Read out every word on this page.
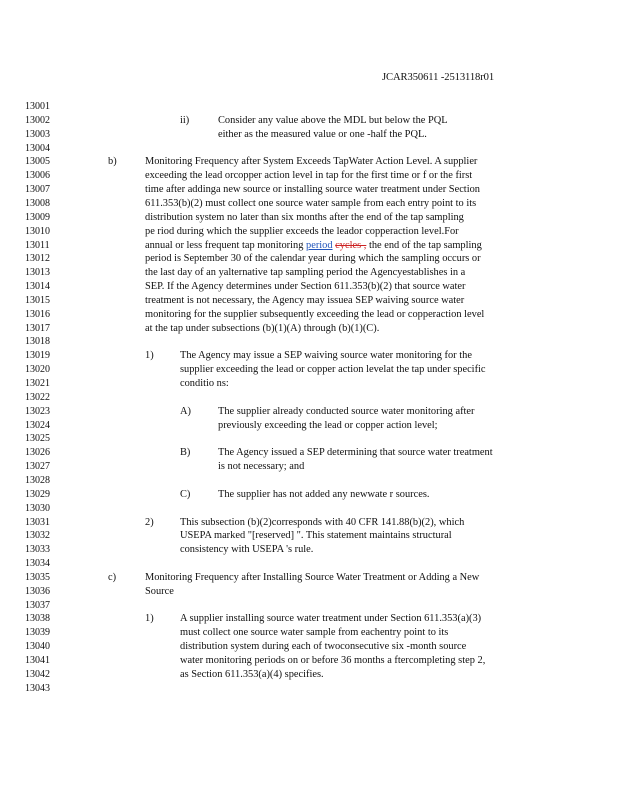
JCAR350611 -2513118r01
13001
13002	ii)	Consider any value above the MDL but below the PQL
13003	either as the measured value or one -half the PQL.
13004
13005	b)	Monitoring Frequency after System Exceeds TapWater Action Level. A supplier
13006	exceeding the lead orcopper action level in tap for the first time or f or the first
13007	time after addinga new source or installing source water treatment under Section
13008	611.353(b)(2) must collect one source water sample from each entry point to its
13009	distribution system no later than six months after the end of the tap sampling
13010	pe riod during which the supplier exceeds the leador copperaction level.For
13011	annual or less frequent tap monitoring period cycles , the end of the tap sampling
13012	period is September 30 of the calendar year during which the sampling occurs or
13013	the last day of an yalternative tap sampling period the Agencyestablishes in a
13014	SEP. If the Agency determines under Section 611.353(b)(2) that source water
13015	treatment is not necessary, the Agency may issuea SEP waiving source water
13016	monitoring for the supplier subsequently exceeding the lead or copperaction level
13017	at the tap under subsections (b)(1)(A) through (b)(1)(C).
13018
13019	1)	The Agency may issue a SEP waiving source water monitoring for the
13020	supplier exceeding the lead or copper action levelat the tap under specific
13021	conditio ns:
13022
13023	A)	The supplier already conducted source water monitoring after
13024	previously exceeding the lead or copper action level;
13025
13026	B)	The Agency issued a SEP determining that source water treatment
13027	is not necessary; and
13028
13029	C)	The supplier has not added any newwate r sources.
13030
13031	2)	This subsection (b)(2)corresponds with 40 CFR 141.88(b)(2), which
13032	USEPA marked "[reserved] ". This statement maintains structural
13033	consistency with USEPA 's rule.
13034
13035	c)	Monitoring Frequency after Installing Source Water Treatment or Adding a New
13036	Source
13037
13038	1)	A supplier installing source water treatment under Section 611.353(a)(3)
13039	must collect one source water sample from eachentry point to its
13040	distribution system during each of twoconsecutive six -month source
13041	water monitoring periods on or before 36 months a ftercompleting step 2,
13042	as Section 611.353(a)(4) specifies.
13043
